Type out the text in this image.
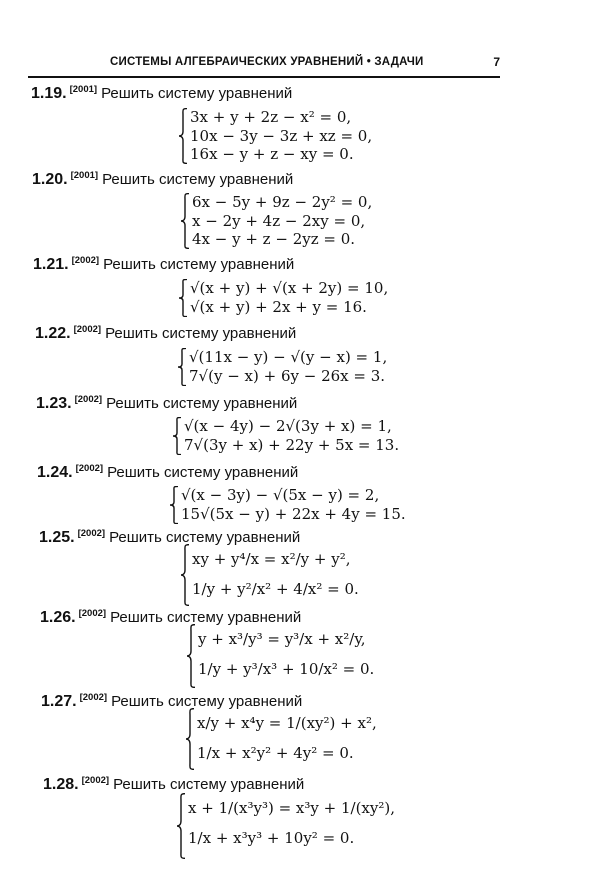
СИСТЕМЫ АЛГЕБРАИЧЕСКИХ УРАВНЕНИЙ • ЗАДАЧИ	7
1.19. [2001] Решить систему уравнений
3x + y + 2z − x² = 0,
10x − 3y − 3z + xz = 0,
16x − y + z − xy = 0.
1.20. [2001] Решить систему уравнений
6x − 5y + 9z − 2y² = 0,
x − 2y + 4z − 2xy = 0,
4x − y + z − 2yz = 0.
1.21. [2002] Решить систему уравнений
√(x + y) + √(x + 2y) = 10,
√(x + y) + 2x + y = 16.
1.22. [2002] Решить систему уравнений
√(11x − y) − √(y − x) = 1,
7√(y − x) + 6y − 26x = 3.
1.23. [2002] Решить систему уравнений
√(x − 4y) − 2√(3y + x) = 1,
7√(3y + x) + 22y + 5x = 13.
1.24. [2002] Решить систему уравнений
√(x − 3y) − √(5x − y) = 2,
15√(5x − y) + 22x + 4y = 15.
1.25. [2002] Решить систему уравнений
xy + y⁴/x = x²/y + y²,
1/y + y²/x² + 4/x² = 0.
1.26. [2002] Решить систему уравнений
y + x³/y³ = y³/x + x²/y,
1/y + y³/x³ + 10/x² = 0.
1.27. [2002] Решить систему уравнений
x/y + x⁴y = 1/(xy²) + x²,
1/x + x²y² + 4y² = 0.
1.28. [2002] Решить систему уравнений
x + 1/(x³y³) = x³y + 1/(xy²),
1/x + x³y³ + 10y² = 0.
